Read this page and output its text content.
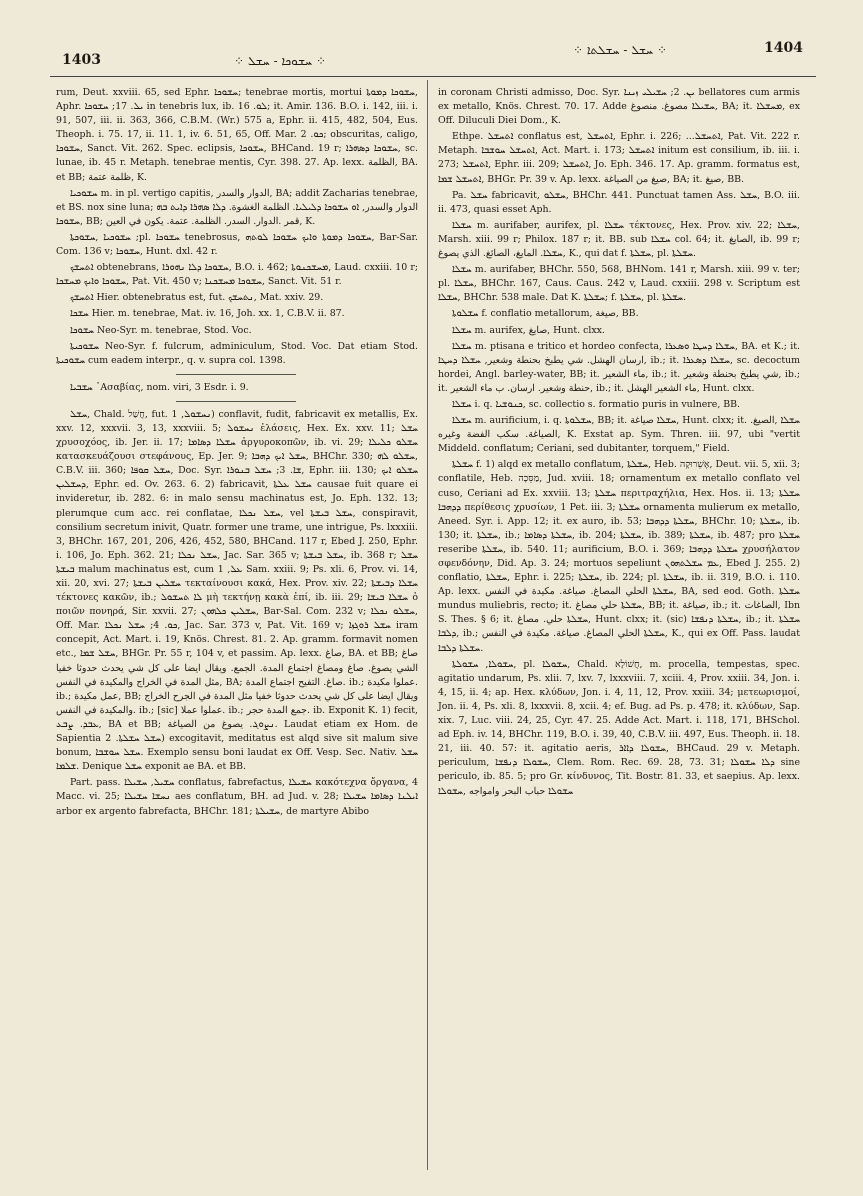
1403	⁘ ܚܫܘܟܐ - ܚܫܠ ⁘
⁘ ܚܫܠ - ܚܫܠܬܐ ⁘	1404

rum, Deut. xxviii. 65, sed Ephr. ܚܫܘܟܐ; tenebrae mortis, mortui ܚܫܘܟܐ ܕܡܘܬܐ, Aphr. ܝܠ. 17; ܚܫܘܟܐ in tenebris lux, ib. ܠܘ. 16; it. Amir. 136. B.O. i. 142, iii. i. 91, 507, iii. ii. 363, 366, C.B.M. (Wr.) 575 a, Ephr. ii. 415, 482, 504, Eus. Theoph. i. 75. 17, ii. 11. 1, iv. 6. 51, 65, Off. Mar. ܟܘ. 2; obscuritas, caligo, ܚܫܘܟܐ, Sanct. Vit. 262. Spec. eclipsis, ܚܫܘܟܐ, BHCand. 19 r; ܚܫܘܟܐ ܕܣܗܪܐ, sc. lunae, ib. 45 r. Metaph. tenebrae mentis, Cyr. 398. 27. Ap. lexx. الظلمة, BA. et BB; ظلمة عتمة, K.

ܚܫܘܟܝܐ m. in pl. vertigo capitis, الدوار والسدر, BA; addit Zacharias tenebrae, et BS. nox sine luna; الدوار والسدر, ܐܘ ܚܫܘܟܐ ܕܠܝܠܝܐ. الظلمة الغشوة. ܕܠܐ ܣܗܪܐ ܕܐܝܬ ܒܗ ܚܫܘܟܐ, BB; قمر .الدوار. السدر. الظلمة. عتمة. يكون في العين, K.

ܚܫܘܟܝܐ ,ܚܫܘܟܬܐ ;pl. ܚܫܘܟܐ tenebrosus, ܚܫܘܟܐ ܕܡܘܬܐ ܘܐܝܟ ܚܫܘܟܐ ܠܘܬܗ, Bar-Sar. Com. 136 v; ܚܫܘܟܐ, Hunt. dxl. 42 r.

ܐܬܚܫܟ obtenebrans, ܚܫܘܟܐ ܕܠܐ ܢܗܘܪܐ, B.O. i. 462; ܡܚܫܟܢܘܬܐ, Laud. cxxiii. 10 r; ܚܫܘܟܐ ܘܐܝܟ ܡܚܫܟܐ, Pat. Vit. 450 v; ܚܫܘܟܐ ܡܚܫܟܢܐ, Sanct. Vit. 51 r.

ܐܬܚܫܟ Hier. obtenebratus est, fut. ܢܬܚܫܟ, Mat. xxiv. 29.

ܚܫܟܐ Hier. m. tenebrae, Mat. iv. 16, Joh. xx. 1, C.B.V. ii. 87.

ܚܫܘܟܐ Neo-Syr. m. tenebrae, Stod. Voc.

ܚܫܘܟܝܬܐ Neo-Syr. f. fulcrum, adminiculum, Stod. Voc. Dat etiam Stod. ܚܫܘܟܝܬܐ cum eadem interpr., q. v. supra col. 1398.

ܚܫܒܝܐ ᾿Ασαβίας, nom. viri, 3 Esdr. i. 9.

ܚܫܠ, Chald. חֲשַׁל, fut. ܢܚܫܘܠ, 1) conflavit, fudit, fabricavit ex metallis, Ex. xxv. 12, xxxvii. 3, 13, xxxviii. 5; ܢܚܫܘܠ ἐλάσεις, Hex. Ex. xxv. 11; ܚܫܠ χρυσοχόος, ib. Jer. ii. 17; ܚܫܠܐ ܕܣܐܡܐ ἀργυροκοπῶν, ib. vi. 29; ܚܫܠܘ ܟܠܝܠܐ κατασκευάζουσι στεφάνους, Ep. Jer. 9; ܚܫܠ ܐܝܟ ܕܗܒܐ, BHChr. 330; ܚܫܠܘ ܠܗ, C.B.V. iii. 360; ܚܫܠ ܩܘܦܐ, Doc. Syr. ܫܐ. 3; ܚܫܠ ܒܢܘܪܐ, Ephr. iii. 130; ܚܫܠܘ ܐܝܟ ܕܚܫܠܝܢ, Ephr. ed. Ov. 263. 6. 2) fabricavit, ܚܫܠ ܥܠܬܐ causae fuit quare ei invideretur, ib. 282. 6: in malo sensu machinatus est, Jo. Eph. 132. 13; plerumque cum acc. rei conflatae, ܚܫܠ ܢܟܠܐ, vel ܚܫܠ ܒܝܫܬܐ, conspiravit, consilium secretum inivit, Quatr. former une trame, une intrigue, Ps. lxxxiii. 3, BHChr. 167, 201, 206, 426, 452, 580, BHCand. 117 r, Ebed J. 250, Ephr. i. 106, Jo. Eph. 362. 21; ܚܫܠ ܢܟܠܐ, Jac. Sar. 365 v; ܚܫܠ ܒܝܫܬܐ, ib. 368 r; ܚܫܠ ܒܝܫܬܐ malum machinatus est, cum ܥܠ, 1 Sam. xxiii. 9; Ps. xli. 6, Prov. vi. 14, xii. 20, xvi. 27; ܚܫܠܝܢ ܒܝܫܬܐ τεκταίνουσι κακά, Hex. Prov. xiv. 22; ܚܫܠܐ ܕܒܝܫܬܐ τέκτονες κακῶν, ib.; ܠܐ ܬܚܫܘܠ μὴ τεκτήνῃ κακὰ ἐπί, ib. iii. 29; ܚܫܠܐ ܒܝܫܐ ὁ ποιῶν πονηρά, Sir. xxvii. 27; ܚܫܠܝܢ ܟܠܗܘܢ, Bar-Sal. Com. 232 v; ܚܫܠܘ ܢܟܠܐ, Off. Mar. ܟܘ. 4; ܚܫܠ ܢܟܠܐ, Jac. Sar. 373 v, Pat. Vit. 169 v; ܚܫܠ ܪܘܓܙܐ iram concepit, Act. Mart. i. 19, Knös. Chrest. 81. 2. Ap. gramm. formavit nomen etc., ܚܫܠ ܫܡܐ, BHGr. Pr. 55 r, 104 v, et passim. Ap. lexx. صاغ, BA. et BB; صاغ الشي يصوغ. صاغ ومصاغ اجتماع المدة. الجمع. ويقال ايضا على كل شي يحدث حدوثا خفيا مثل المدة في الخراج والمكيدة في النفس, BA; صاغ. التفيح اجتماع المدة. ib.; عملوا مكيدة. ib.; عمل مكيدة, BB; ويقال ايضا على كل شي يحدث حدوثا خفيا مثل المدة في الجرح الخراج والمكيدة في النفس. ib.; [sic] عملوا عملا. ib.; جمع المدة حجر. ib. Exponit K. 1) fecit, ܥܒܕ. ܨܒܥ, BA et BB; ܢܨܘܓ. يصوغ من الصياغة. Laudat etiam ex Hom. de Sapientia ܚܫܠ ܚܫܠܬܐ. 2) excogitavit, meditatus est alqd sive sit malum sive bonum, ܚܫܠ ܚܘܫܒܐ. Exemplo sensu boni laudat ex Off. Vesp. Sec. Nativ. ܚܫܠ ܫܠܡܐ. Denique ܚܫܠ exponit ae BA. et BB.

Part. pass. ܚܫܝܠ, ܚܫܝܠܐ conflatus, fabrefactus, ܚܫܝܠܐ κακότεχνα ὄργανα, 4 Macc. vi. 25; ܢܚܫܐ ܚܫܝܠܐ aes conflatum, BH. ad Jud. v. 28; ܐܝܠܢܐ ܕܣܐܡܐ ܚܫܝܠܐ arbor ex argento fabrefacta, BHChr. 181; ܚܫܝܠܬܐ, de martyre Abibo

in coronam Christi admisso, Doc. Syr. ܝܢ. 2; ܚܫܝܠܝ ܙܝܢܐ bellatores cum armis ex metallo, Knös. Chrest. 70. 17. Adde ܚܫܝܠܐ مصوغ. منصوغ, BA; it. ܡܚܫܠܐ, ex Off. Diluculi Diei Dom., K.

Ethpe. ܐܬܚܫܠ conflatus est, ܐܬܚܫܠ, Ephr. i. 226; ...ܐܬܚܫܠ, Pat. Vit. 222 r. Metaph. ܐܬܚܫܠ ܚܘܫܒܐ, Act. Mart. i. 173; ܐܬܚܫܠ initum est consilium, ib. iii. i. 273; ܐܬܚܫܠ, Ephr. iii. 209; ܐܬܚܫܠ, Jo. Eph. 346. 17. Ap. gramm. formatus est, ܐܬܚܫܠ ܫܡܐ, BHGr. Pr. 39 v. Ap. lexx. صيغ من الصياغة, BA; it. صيغ, BB.

Pa. ܚܫܠ fabricavit, ܚܫܠܘ, BHChr. 441. Punctuat tamen Ass. ܚܫܠ, B.O. iii. ii. 473, quasi esset Aph.

ܚܫܠܐ m. aurifaber, aurifex, pl. ܚܫܠܐ τέκτονες, Hex. Prov. xiv. 22; ܚܫܠܐ, Marsh. xiii. 99 r; Philox. 187 r; it. BB. sub ܚܫܠܐ col. 64; it. الصايغ, ib. 99 r; ܚܫܠܐ. المايغ، الصائغ. الذي يصوغ, K., qui dat f. ܚܫܠܬܐ, pl. ܚܫܠܬܐ.

ܚܫܠܐ m. aurifaber, BHChr. 550, 568, BHNom. 141 r, Marsh. xiii. 99 v. ter; pl. ܚܫܠܐ, BHChr. 167, Caus. Caus. 242 v, Laud. cxxiii. 298 v. Scriptum est ܚܫܠܐ, BHChr. 538 male. Dat K. ܚܫܠܬܐ; f. ܚܫܠܬܐ, pl. ܚܫܠܬܐ.

ܚܫܠܘܬܐ f. conflatio metallorum, صيغة, BB.

ܚܫܠܐ m. aurifex, صايغ, Hunt. clxx.

ܚܫܠܐ m. ptisana e tritico et hordeo confecta, ܚܫܠܐ ܕܚܛܐ ܘܣܥܪܐ, BA. et K.; it. ارسان الهشل. شي يطبخ بحنطة وشعير, ܚܫܠܐ ܕܚܛܐ, ib.; it. ܚܫܠܐ ܕܣܥܪܐ, sc. decoctum hordei, Angl. barley-water, BB; it. ماء الشعير, ib.; it. شي يطبخ بحنطة وشعير, ib.; it. حنطة وشعير. ارسان. ب ماء الشعير, ib.; it. ماء الشعير الهشل, Hunt. clxx.

ܚܫܠܐ i. q. ܟܢܘܫܝܐ, sc. collectio s. formatio puris in vulnere, BB.

ܚܫܠܐ m. aurificium, i. q. ܚܫܠܘܬܐ, BB; it. ܚܫܠܐ صياغة, Hunt. clxx; it. ܚܫܠܐ ,الصيغ. الصياغة. سكب الفضة وغيره, K. Exstat ap. Sym. Thren. iii. 97, ubi "vertit Middeld. conflatum; Ceriani, sed dubitanter, torquem," Field.

ܚܫܠܬܐ f. 1) alqd ex metallo conflatum, ܚܫܠܬܐ, Heb. אֶשְׁרוּקָה, Deut. vii. 5, xii. 3; conflatile, Heb. מַסֵּכָה, Jud. xviii. 18; ornamentum ex metallo conflato vel cuso, Ceriani ad Ex. xxviii. 13; ܚܫܠܬܐ περιτραχήλια, Hex. Hos. ii. 13; ܚܫܠܬܐ ܕܕܗܒܐ περίθεσις χρυσίων, 1 Pet. iii. 3; ܚܫܠܬܐ ornamenta mulierum ex metallo, Aneed. Syr. i. App. 12; it. ex auro, ib. 53; ܚܫܠܬܐ ܕܕܗܒܐ, BHChr. 10; ܚܫܠܬܐ, ib. 130; it. ܚܫܠܬܐ, ib.; ܚܫܠܬܐ ܕܣܐܡܐ, ib. 204; ܚܫܠܬܐ, ib. 389; ܚܫܠܬܐ, ib. 487; pro ܚܫܠܬܐ reseribe ܚܫܠܬܐ, ib. 540. 11; aurificium, B.O. i. 369; ܚܫܠܬܐ ܕܕܗܒܐ χρυσήλατον σφενδόνην, Did. Ap. 3. 24; mortuos sepeliunt ܥܡ ܚܫܠܬܗܘܢ, Ebed J. 255. 2) conflatio, ܚܫܠܬܐ, Ephr. i. 225; ܚܫܠܬܐ, ib. 224; pl. ܚܫܠܬܐ, ib. ii. 319, B.O. i. 110. Ap. lexx. ܚܫܠܬܐ الحلي المصاغ. صياغة. مكيدة في النفس, BA, sed eod. Goth. ܚܫܠܬܐ mundus muliebris, recto; it. ܚܫܠܬܐ حلي مصاغ, BB; it. صياغة, ib.; it. الصاغات, Ibn S. Thes. § 6; it. ܚܫܠܬܐ حلي. مصاغ, Hunt. clxx; it. (sic) ܚܫܠܬܐ ܕܢܦܫܐ, ib.; it. ܚܫܠܬܐ ܕܠܒܐ, ib.; ܚܫܠܬܐ الحلي المصاغ. صياغة. مكيدة في النفس, K., qui ex Off. Pass. laudat ܚܫܠܬܐ ܕܠܒܐ.

ܚܫܘܠܐ, ܚܫܘܠܬܐ, pl. ܚܫܘܠܐ, Chald. חֲשׁוֹלָא, m. procella, tempestas, spec. agitatio undarum, Ps. xlii. 7, lxv. 7, lxxxviii. 7, xciii. 4, Prov. xxiii. 34, Jon. i. 4, 15, ii. 4; ap. Hex. κλύδων, Jon. i. 4, 11, 12, Prov. xxiii. 34; μετεωρισμοί, Jon. ii. 4, Ps. xli. 8, lxxxvii. 8, xcii. 4; ef. Bug. ad Ps. p. 478; it. κλύδων, Sap. xix. 7, Luc. viii. 24, 25, Cyr. 47. 25. Adde Act. Mart. i. 118, 171, BHSchol. ad Eph. iv. 14, BHChr. 119, B.O. i. 39, 40, C.B.V. iii. 497, Eus. Theoph. ii. 18. 21, iii. 40. 57: it. agitatio aeris, ܚܫܘܠܐ ܕܐܐܪ, BHCaud. 29 v. Metaph. periculum, ܚܫܘܠܐ ܕܢܦܫܐ, Clem. Rom. Rec. 69. 28, 73. 31; ܕܠܐ ܚܫܘܠܐ sine periculo, ib. 85. 5; pro Gr. κίνδυνος, Tit. Bostr. 81. 33, et saepius. Ap. lexx. ܚܫܘܠܐ حباب البحر وامواجه ,ܚܫܘܠܐ
